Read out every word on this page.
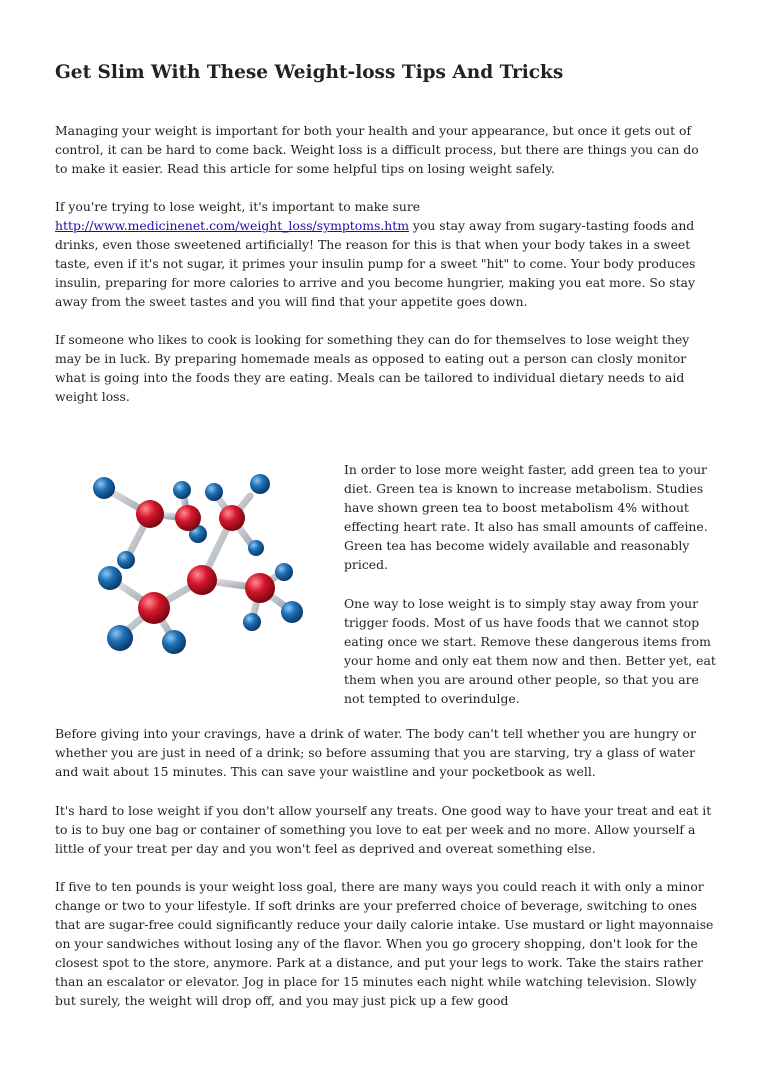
Get Slim With These Weight-loss Tips And Tricks

Managing your weight is important for both your health and your appearance, but once it gets out of control, it can be hard to come back. Weight loss is a difficult process, but there are things you can do to make it easier. Read this article for some helpful tips on losing weight safely.

If you're trying to lose weight, it's important to make sure http://www.medicinenet.com/weight_loss/symptoms.htm you stay away from sugary-tasting foods and drinks, even those sweetened artificially! The reason for this is that when your body takes in a sweet taste, even if it's not sugar, it primes your insulin pump for a sweet "hit" to come. Your body produces insulin, preparing for more calories to arrive and you become hungrier, making you eat more. So stay away from the sweet tastes and you will find that your appetite goes down.

If someone who likes to cook is looking for something they can do for themselves to lose weight they may be in luck. By preparing homemade meals as opposed to eating out a person can closly monitor what is going into the foods they are eating. Meals can be tailored to individual dietary needs to aid weight loss.

In order to lose more weight faster, add green tea to your diet. Green tea is known to increase metabolism. Studies have shown green tea to boost metabolism 4% without effecting heart rate. It also has small amounts of caffeine. Green tea has become widely available and reasonably priced.

One way to lose weight is to simply stay away from your trigger foods. Most of us have foods that we cannot stop eating once we start. Remove these dangerous items from your home and only eat them now and then. Better yet, eat them when you are around other people, so that you are not tempted to overindulge.

Before giving into your cravings, have a drink of water. The body can't tell whether you are hungry or whether you are just in need of a drink; so before assuming that you are starving, try a glass of water and wait about 15 minutes. This can save your waistline and your pocketbook as well.

It's hard to lose weight if you don't allow yourself any treats. One good way to have your treat and eat it to is to buy one bag or container of something you love to eat per week and no more. Allow yourself a little of your treat per day and you won't feel as deprived and overeat something else.

If five to ten pounds is your weight loss goal, there are many ways you could reach it with only a minor change or two to your lifestyle. If soft drinks are your preferred choice of beverage, switching to ones that are sugar-free could significantly reduce your daily calorie intake. Use mustard or light mayonnaise on your sandwiches without losing any of the flavor. When you go grocery shopping, don't look for the closest spot to the store, anymore. Park at a distance, and put your legs to work. Take the stairs rather than an escalator or elevator. Jog in place for 15 minutes each night while watching television. Slowly but surely, the weight will drop off, and you may just pick up a few good
